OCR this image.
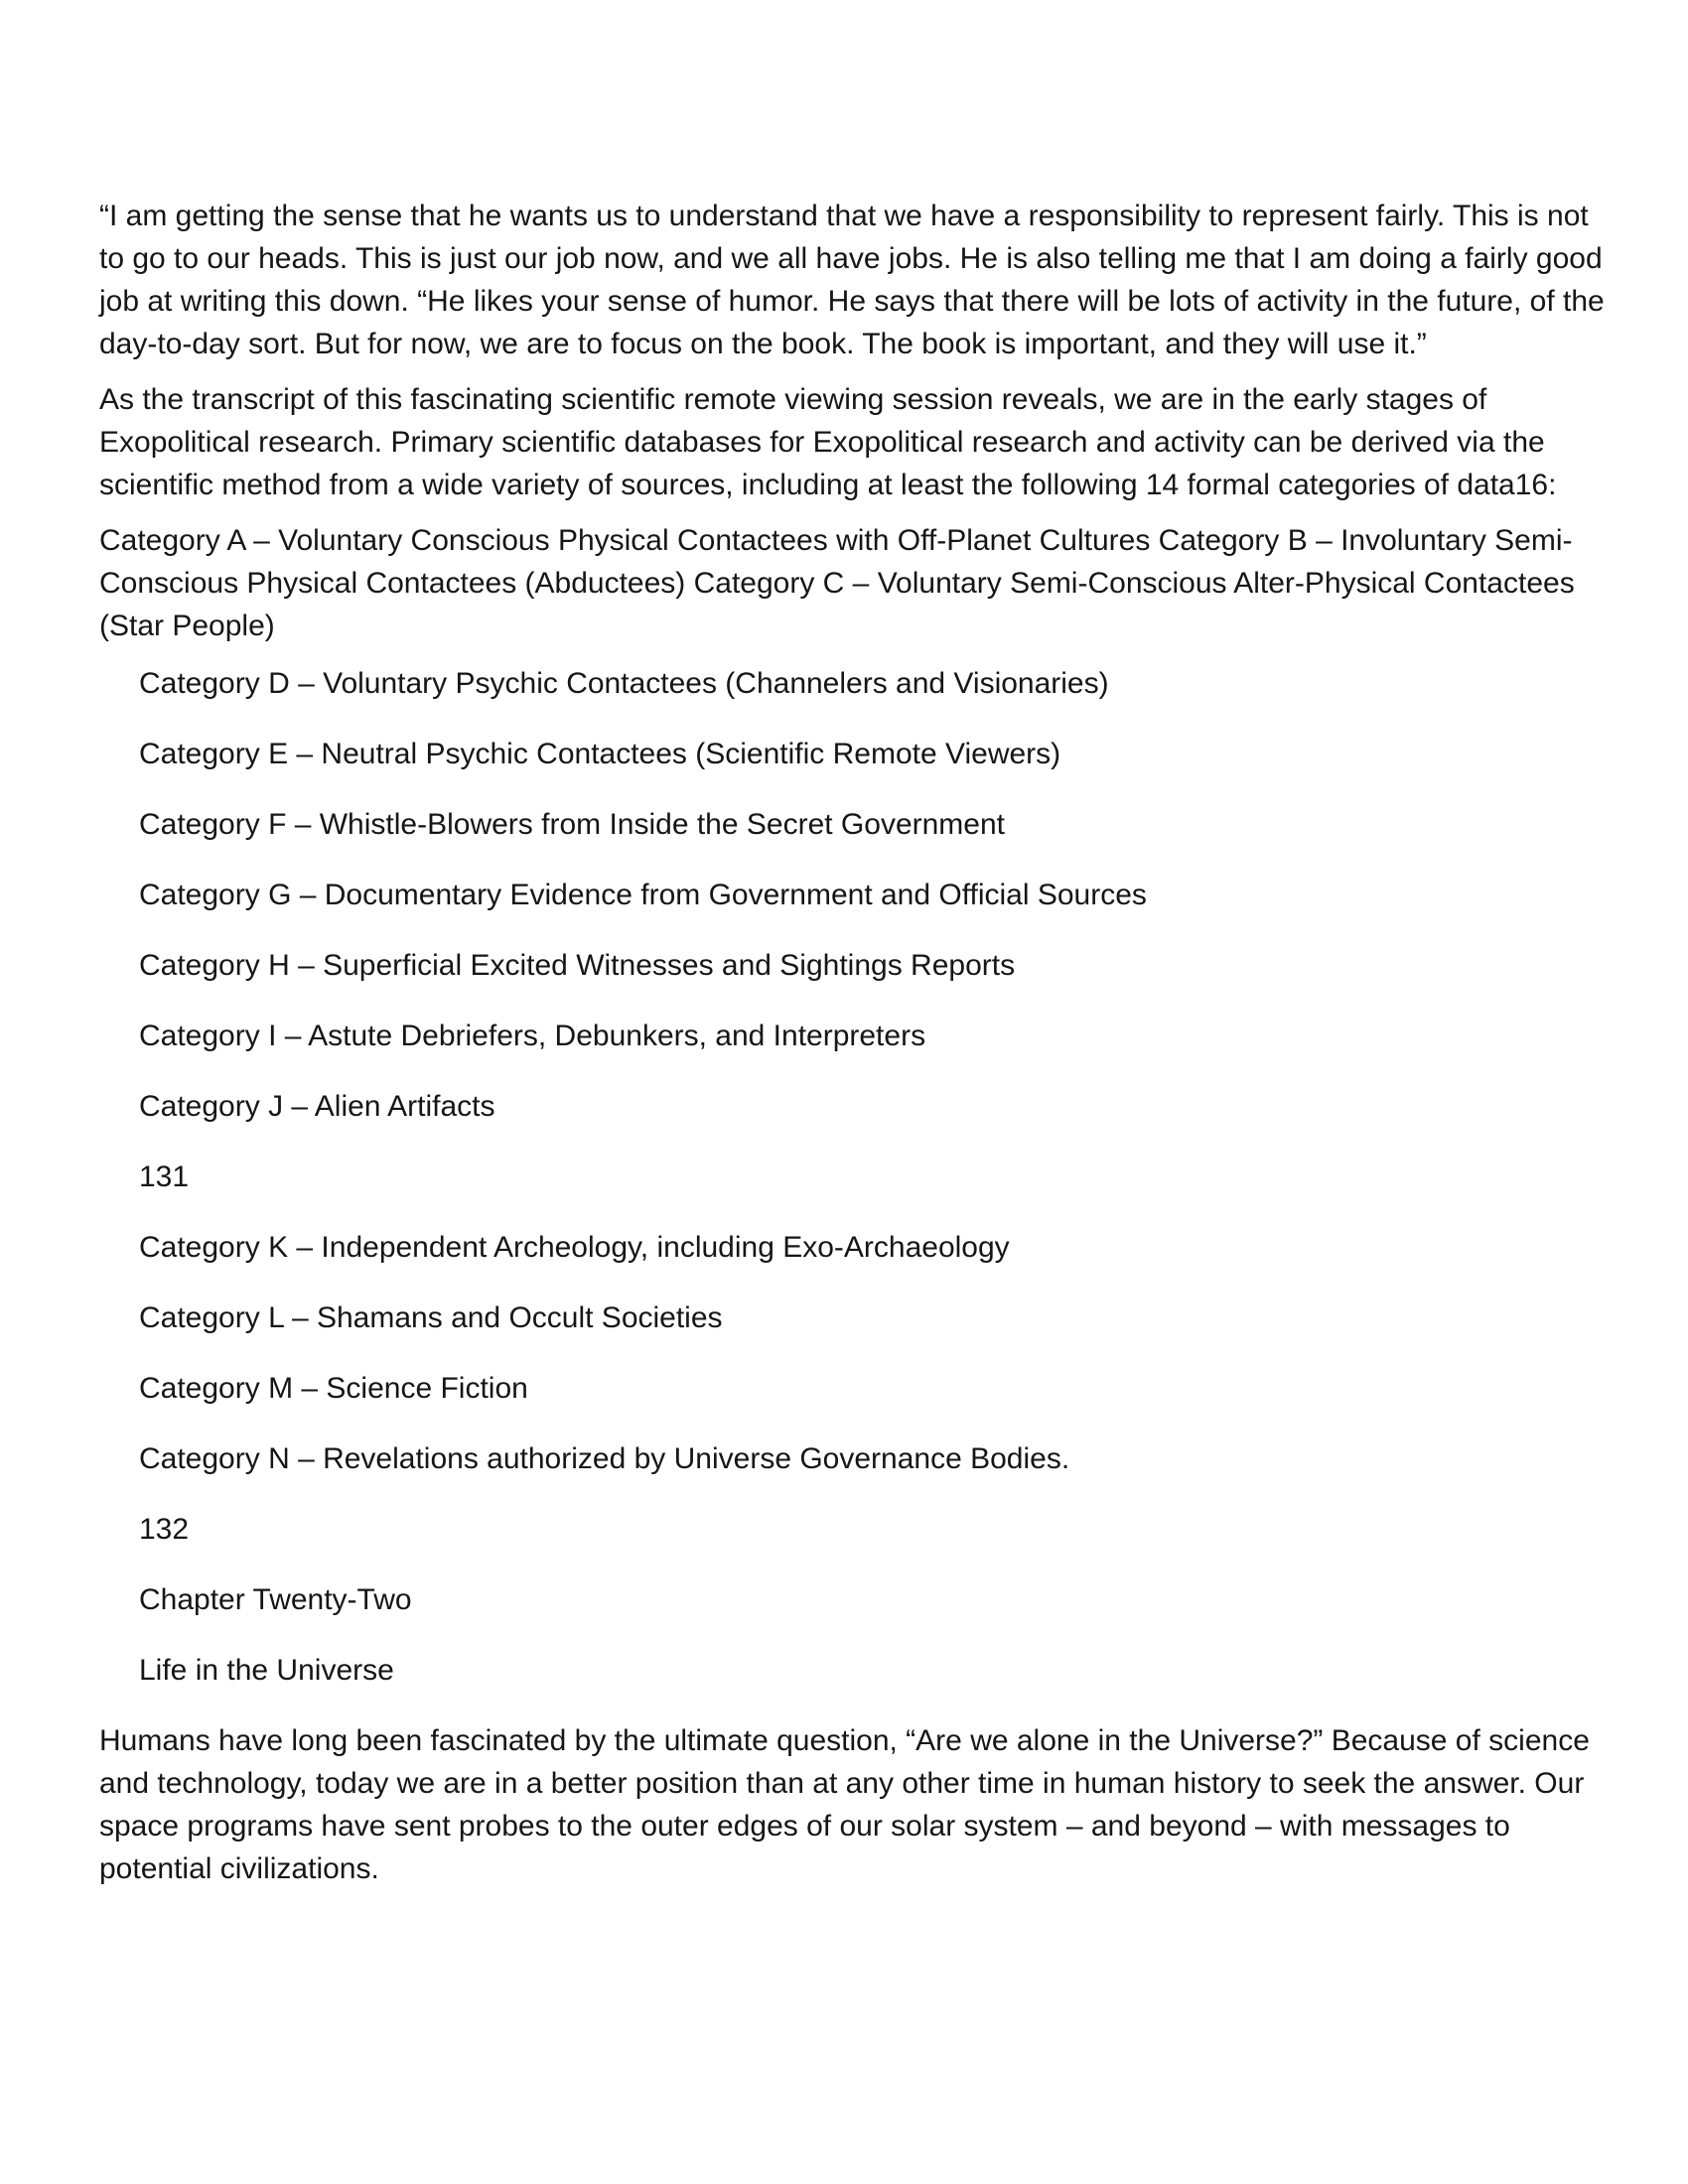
“I am getting the sense that he wants us to understand that we have a responsibility to represent fairly. This is not to go to our heads. This is just our job now, and we all have jobs. He is also telling me that I am doing a fairly good job at writing this down. “He likes your sense of humor. He says that there will be lots of activity in the future, of the day-to-day sort. But for now, we are to focus on the book. The book is important, and they will use it.”

As the transcript of this fascinating scientific remote viewing session reveals, we are in the early stages of Exopolitical research. Primary scientific databases for Exopolitical research and activity can be derived via the scientific method from a wide variety of sources, including at least the following 14 formal categories of data16:

Category A – Voluntary Conscious Physical Contactees with Off-Planet Cultures Category B – Involuntary Semi-Conscious Physical Contactees (Abductees) Category C – Voluntary Semi-Conscious Alter-Physical Contactees (Star People)

Category D – Voluntary Psychic Contactees (Channelers and Visionaries)
Category E – Neutral Psychic Contactees (Scientific Remote Viewers)
Category F – Whistle-Blowers from Inside the Secret Government
Category G – Documentary Evidence from Government and Official Sources
Category H – Superficial Excited Witnesses and Sightings Reports
Category I – Astute Debriefers, Debunkers, and Interpreters
Category J – Alien Artifacts
131
Category K – Independent Archeology, including Exo-Archaeology
Category L – Shamans and Occult Societies
Category M – Science Fiction
Category N – Revelations authorized by Universe Governance Bodies.
132
Chapter Twenty-Two
Life in the Universe

Humans have long been fascinated by the ultimate question, “Are we alone in the Universe?” Because of science and technology, today we are in a better position than at any other time in human history to seek the answer. Our space programs have sent probes to the outer edges of our solar system – and beyond – with messages to potential civilizations.
